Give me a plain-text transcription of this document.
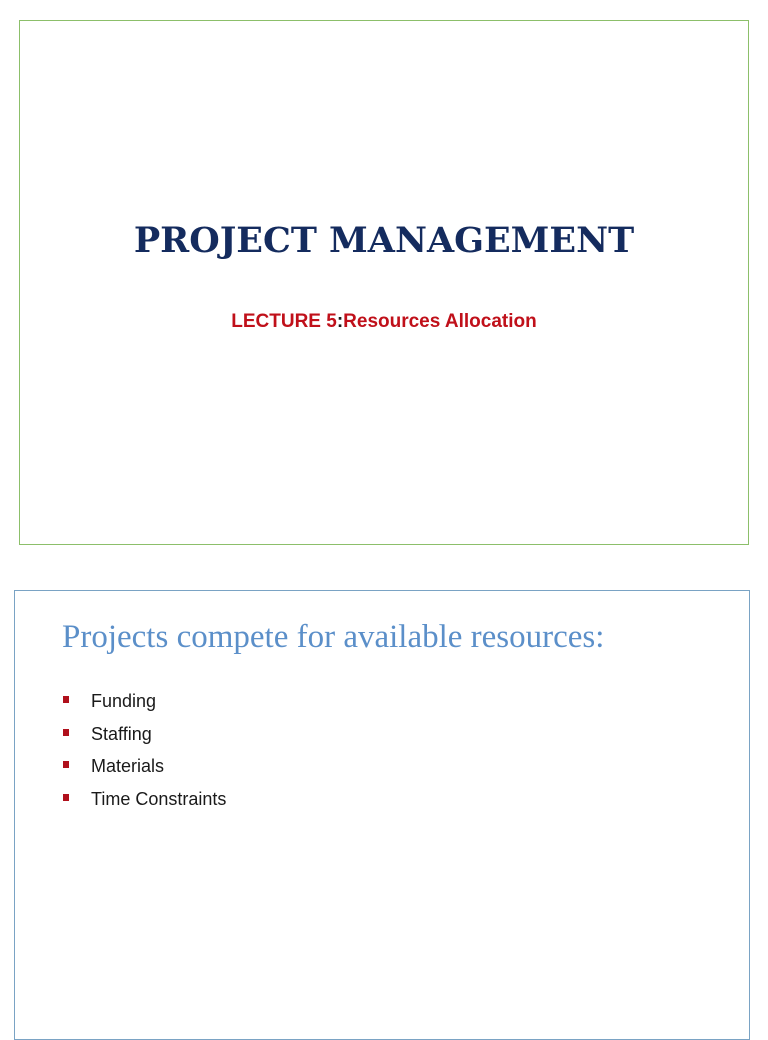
PROJECT MANAGEMENT

LECTURE 5:Resources Allocation

Projects compete for available resources:
Funding
Staffing
Materials
Time Constraints
